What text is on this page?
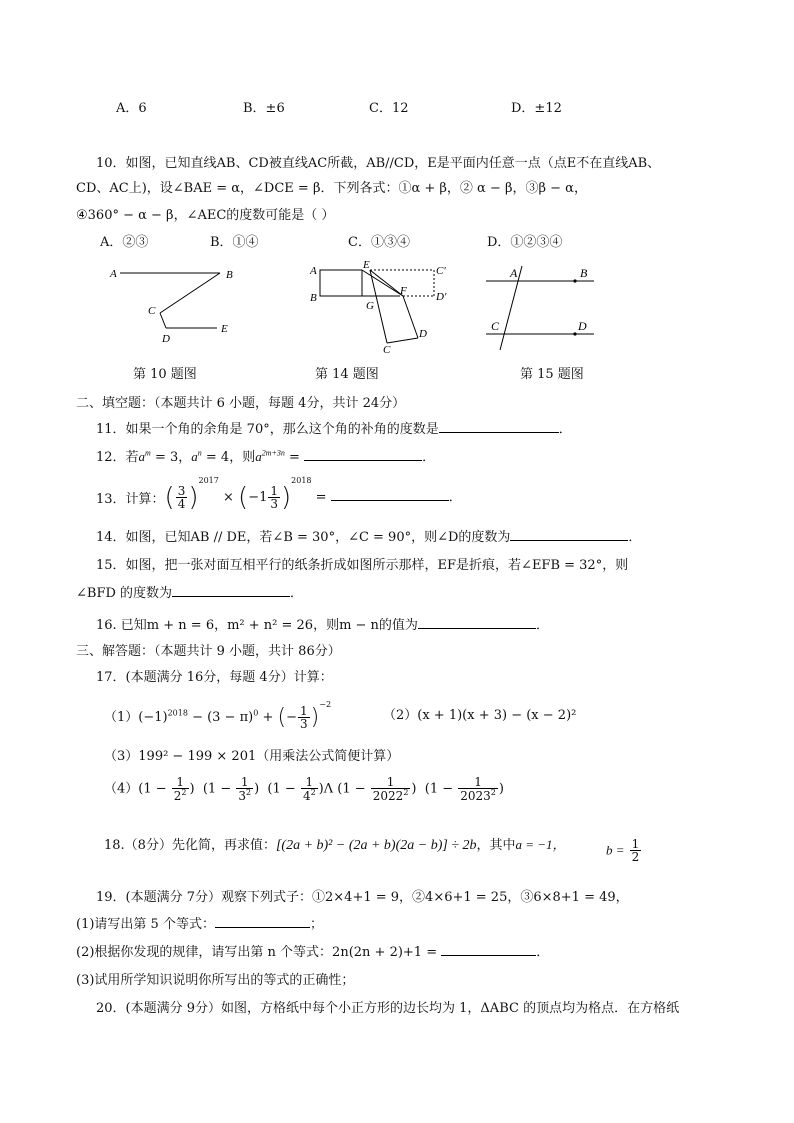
A．6	B．±6	C．12	D．±12
10．如图，已知直线AB、CD被直线AC所截，AB//CD，E是平面内任意一点（点E不在直线AB、
CD、AC上)，设∠BAE = α，∠DCE = β．下列各式：①α + β，② α − β，③β − α，
④360° − α − β，∠AEC的度数可能是（ ）
A．②③	B．①④	C．①③④	D．①②③④
A	B
C
D
E
第 10 题图
A	E	C′
B
G
F	D′
C
D
第 14 题图
A	B
C	D
第 15 题图
二、填空题：（本题共计 6 小题，每题 4分，共计 24分）
11．如果一个角的余角是 70°，那么这个角的补角的度数是	．
12．若$a^m = 3$，$a^n = 4$，则$a^{2m+3n}$ =	．
13．计算：( $\frac{3}{4} )^{2017} \times (-1 \frac{1}{3} )^{2018}$ =	．
14．如图，已知AB // DE，若∠B = 30°，∠C = 90°，则∠D的度数为	．
15．如图，把一张对面互相平行的纸条折成如图所示那样，EF是折痕，若∠EFB = 32°，则
∠BFD 的度数为	．
16. 已知m + n = 6，m² + n² = 26，则m − n的值为	．
三、解答题：（本题共计 9 小题，共计 86分）
17．(本题满分 16分，每题 4分）计算：
$(1)(-1)^{2018} - (3 - \pi)^0$ + (− $\frac{1}{3} )^{-2}$
（2）(x + 1)(x + 3) − (x − 2)²
（3）199² − 199 × 201（用乘法公式简便计算）
$(4)(1 - \frac{1}{2^2}$ )  ($1 - \frac{1}{3^2}$ )  $(1 - \frac{1}{4^2} )\Lambda$ ($1 - \frac{1}{2022^2}$ )  ($1 - \frac{1}{2023^2}$ )
18.（8分）先化简，再求值：[(2a + b)² − (2a + b)(2a − b)] ÷ 2b，其中a = −1，	$b = \frac{1}{2}$
19．(本题满分 7分）观察下列式子：①2×4+1 = 9，②4×6+1 = 25，③6×8+1 = 49，
(1)请写出第 5 个等式：	；
(2)根据你发现的规律，请写出第 n 个等式：2n(2n + 2)+1 =	．
(3)试用所学知识说明你所写出的等式的正确性；
20．(本题满分 9分）如图，方格纸中每个小正方形的边长均为 1，ΔABC 的顶点均为格点．在方格纸
